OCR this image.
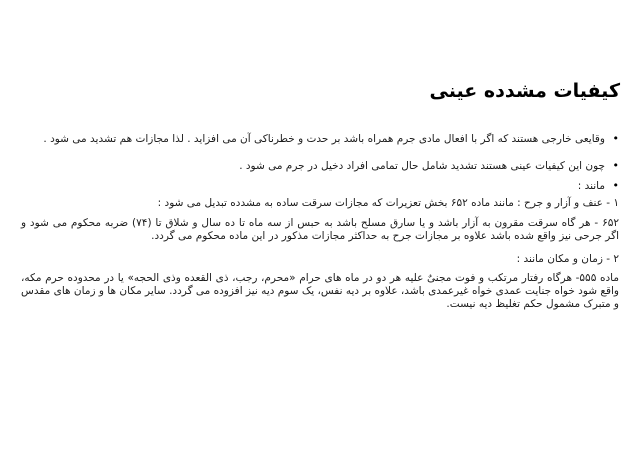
کیفیات مشدده عینی
•

وقایعی خارجی هستند که اگر با افعال مادی جرم همراه باشد بر حدت و خطرناکی آن می افزاید . لذا مجازات هم تشدید می شود .

•

چون این کیفیات عینی هستند تشدید شامل حال تمامی افراد دخیل در جرم می شود .

•

مانند :

۱ - عنف و آزار و جرح : مانند ماده ۶۵۲ بخش تعزیرات که مجازات سرقت ساده به مشدده تبدیل می شود :

۶۵۲ - هر گاه سرقت مقرون به آزار باشد و یا سارق مسلح باشد به حبس از سه ماه تا ده سال و شلاق تا (۷۴) ضربه محکوم می شود و اگر جرحی نیز واقع شده باشد علاوه بر مجازات جرح به حداکثر مجازات مذکور در این ماده محکوم می گردد.

۲ - زمان و مکان مانند :

ماده ۵۵۵- هرگاه رفتار مرتکب و فوت مجنیٌ علیه هر دو در ماه های حرام «محرم، رجب، ذی القعده وذی الحجه» یا در محدوده حرم مکه، واقع شود خواه جنایت عمدی خواه غیرعمدی باشد، علاوه بر دیه نفس، یک سوم دیه نیز افزوده می گردد. سایر مکان ها و زمان های مقدس و متبرک مشمول حکم تغلیظ دیه نیست.
